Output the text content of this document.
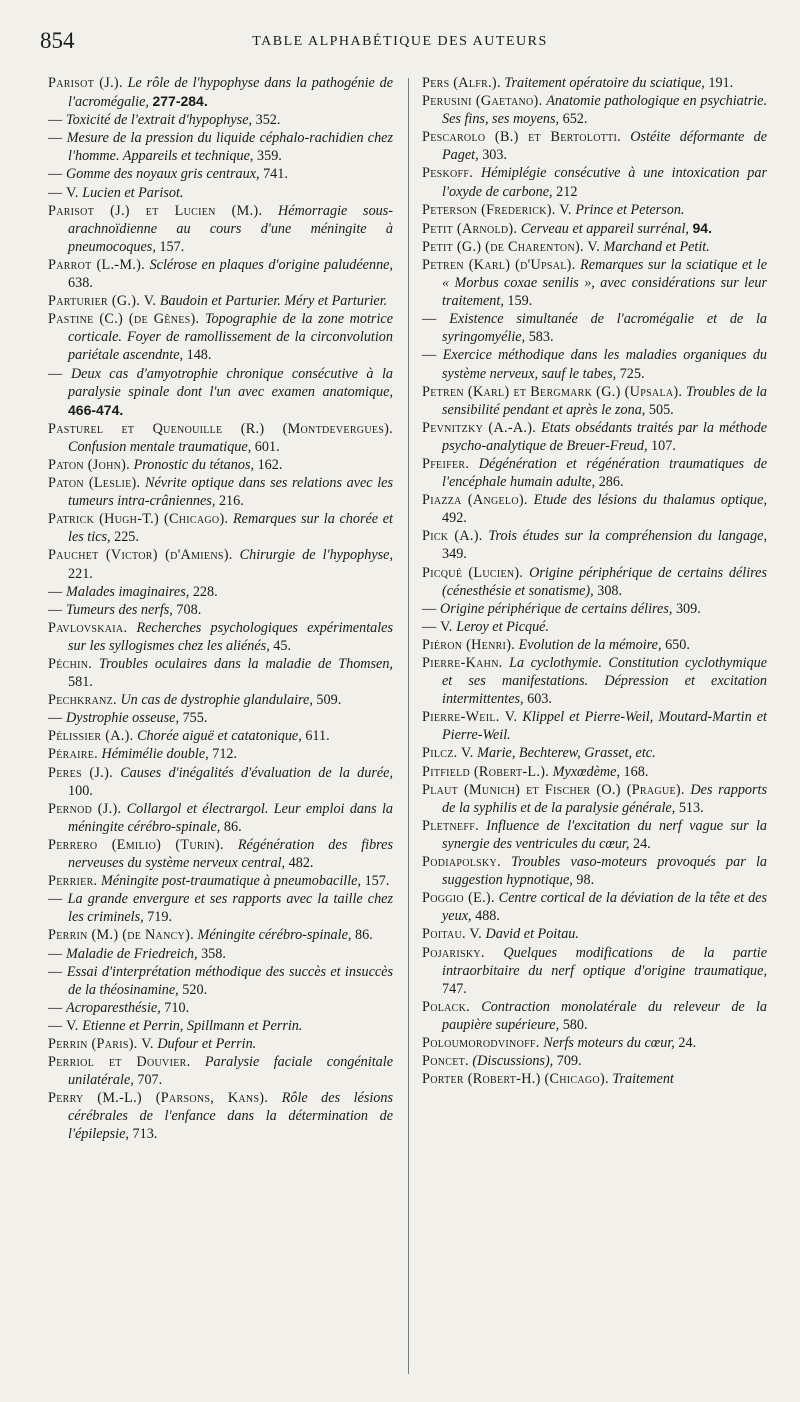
854	TABLE ALPHABÉTIQUE DES AUTEURS

Parisot (J.). Le rôle de l'hypophyse dans la pathogénie de l'acromégalie, 277-284.

— Toxicité de l'extrait d'hypophyse, 352.

— Mesure de la pression du liquide céphalo-rachidien chez l'homme. Appareils et technique, 359.

— Gomme des noyaux gris centraux, 741.

— V. Lucien et Parisot.

Parisot (J.) et Lucien (M.). Hémorragie sous-arachnoïdienne au cours d'une méningite à pneumocoques, 157.

Parrot (L.-M.). Sclérose en plaques d'origine paludéenne, 638.

Parturier (G.). V. Baudoin et Parturier. Méry et Parturier.

Pastine (C.) (de Gênes). Topographie de la zone motrice corticale. Foyer de ramollissement de la circonvolution pariétale ascendnte, 148.

— Deux cas d'amyotrophie chronique consécutive à la paralysie spinale dont l'un avec examen anatomique, 466-474.

Pasturel et Quenouille (R.) (Montdevergues). Confusion mentale traumatique, 601.

Paton (John). Pronostic du tétanos, 162.

Paton (Leslie). Névrite optique dans ses relations avec les tumeurs intra-crâniennes, 216.

Patrick (Hugh-T.) (Chicago). Remarques sur la chorée et les tics, 225.

Pauchet (Victor) (d'Amiens). Chirurgie de l'hypophyse, 221.

— Malades imaginaires, 228.

— Tumeurs des nerfs, 708.

Pavlovskaia. Recherches psychologiques expérimentales sur les syllogismes chez les aliénés, 45.

Péchin. Troubles oculaires dans la maladie de Thomsen, 581.

Pechkranz. Un cas de dystrophie glandulaire, 509.

— Dystrophie osseuse, 755.

Pélissier (A.). Chorée aiguë et catatonique, 611.

Péraire. Hémimélie double, 712.

Peres (J.). Causes d'inégalités d'évaluation de la durée, 100.

Pernod (J.). Collargol et électrargol. Leur emploi dans la méningite cérébro-spinale, 86.

Perrero (Emilio) (Turin). Régénération des fibres nerveuses du système nerveux central, 482.

Perrier. Méningite post-traumatique à pneumobacille, 157.

— La grande envergure et ses rapports avec la taille chez les criminels, 719.

Perrin (M.) (de Nancy). Méningite cérébro-spinale, 86.

— Maladie de Friedreich, 358.

— Essai d'interprétation méthodique des succès et insuccès de la théosinamine, 520.

— Acroparesthésie, 710.

— V. Etienne et Perrin, Spillmann et Perrin.

Perrin (Paris). V. Dufour et Perrin.

Perriol et Douvier. Paralysie faciale congénitale unilatérale, 707.

Perry (M.-L.) (Parsons, Kans). Rôle des lésions cérébrales de l'enfance dans la détermination de l'épilepsie, 713.

Pers (Alfr.). Traitement opératoire du sciatique, 191.

Perusini (Gaetano). Anatomie pathologique en psychiatrie. Ses fins, ses moyens, 652.

Pescarolo (B.) et Bertolotti. Ostéite déformante de Paget, 303.

Peskoff. Hémiplégie consécutive à une intoxication par l'oxyde de carbone, 212

Peterson (Frederick). V. Prince et Peterson.

Petit (Arnold). Cerveau et appareil surrénal, 94.

Petit (G.) (de Charenton). V. Marchand et Petit.

Petren (Karl) (d'Upsal). Remarques sur la sciatique et le « Morbus coxae senilis », avec considérations sur leur traitement, 159.

— Existence simultanée de l'acromégalie et de la syringomyélie, 583.

— Exercice méthodique dans les maladies organiques du système nerveux, sauf le tabes, 725.

Petren (Karl) et Bergmark (G.) (Upsala). Troubles de la sensibilité pendant et après le zona, 505.

Pevnitzky (A.-A.). Etats obsédants traités par la méthode psycho-analytique de Breuer-Freud, 107.

Pfeifer. Dégénération et régénération traumatiques de l'encéphale humain adulte, 286.

Piazza (Angelo). Etude des lésions du thalamus optique, 492.

Pick (A.). Trois études sur la compréhension du langage, 349.

Picqué (Lucien). Origine périphérique de certains délires (cénesthésie et sonatisme), 308.

— Origine périphérique de certains délires, 309.

— V. Leroy et Picqué.

Piéron (Henri). Evolution de la mémoire, 650.

Pierre-Kahn. La cyclothymie. Constitution cyclothymique et ses manifestations. Dépression et excitation intermittentes, 603.

Pierre-Weil. V. Klippel et Pierre-Weil, Moutard-Martin et Pierre-Weil.

Pilcz. V. Marie, Bechterew, Grasset, etc.

Pitfield (Robert-L.). Myxœdème, 168.

Plaut (Munich) et Fischer (O.) (Prague). Des rapports de la syphilis et de la paralysie générale, 513.

Pletneff. Influence de l'excitation du nerf vague sur la synergie des ventricules du cœur, 24.

Podiapolsky. Troubles vaso-moteurs provoqués par la suggestion hypnotique, 98.

Poggio (E.). Centre cortical de la déviation de la tête et des yeux, 488.

Poitau. V. David et Poitau.

Pojarisky. Quelques modifications de la partie intraorbitaire du nerf optique d'origine traumatique, 747.

Polack. Contraction monolatérale du releveur de la paupière supérieure, 580.

Poloumorodvinoff. Nerfs moteurs du cœur, 24.

Poncet. (Discussions), 709.

Porter (Robert-H.) (Chicago). Traitement
